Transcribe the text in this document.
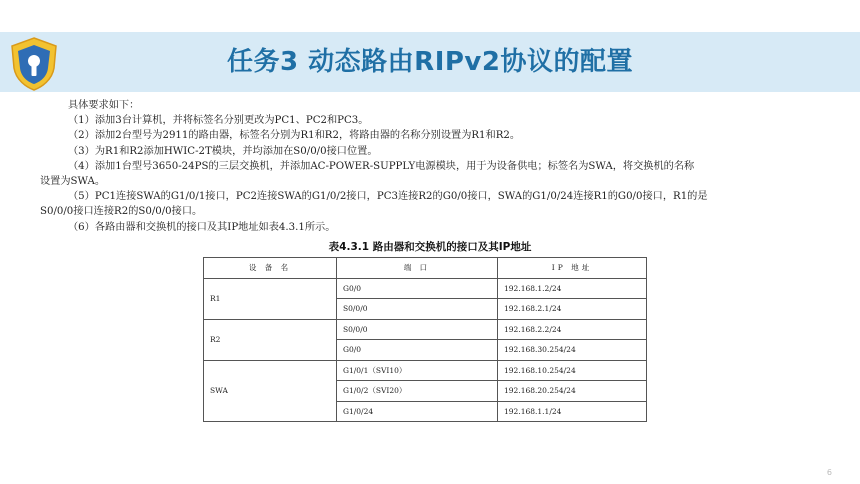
任务3 动态路由RIPv2协议的配置

具体要求如下：

（1）添加3台计算机，并将标签名分别更改为PC1、PC2和PC3。

（2）添加2台型号为2911的路由器，标签名分别为R1和R2，将路由器的名称分别设置为R1和R2。

（3）为R1和R2添加HWIC-2T模块，并均添加在S0/0/0接口位置。

（4）添加1台型号3650-24PS的三层交换机，并添加AC-POWER-SUPPLY电源模块，用于为设备供电；标签名为SWA，将交换机的名称

设置为SWA。

（5）PC1连接SWA的G1/0/1接口，PC2连接SWA的G1/0/2接口，PC3连接R2的G0/0接口，SWA的G1/0/24连接R1的G0/0接口，R1的是

S0/0/0接口连接R2的S0/0/0接口。

（6）各路由器和交换机的接口及其IP地址如表4.3.1所示。

表4.3.1 路由器和交换机的接口及其IP地址
设 备 名	端 口	IP 地址
R1	G0/0	192.168.1.2/24
	S0/0/0	192.168.2.1/24
R2	S0/0/0	192.168.2.2/24
	G0/0	192.168.30.254/24
SWA	G1/0/1（SVI10）	192.168.10.254/24
	G1/0/2（SVI20）	192.168.20.254/24
	G1/0/24	192.168.1.1/24
6
